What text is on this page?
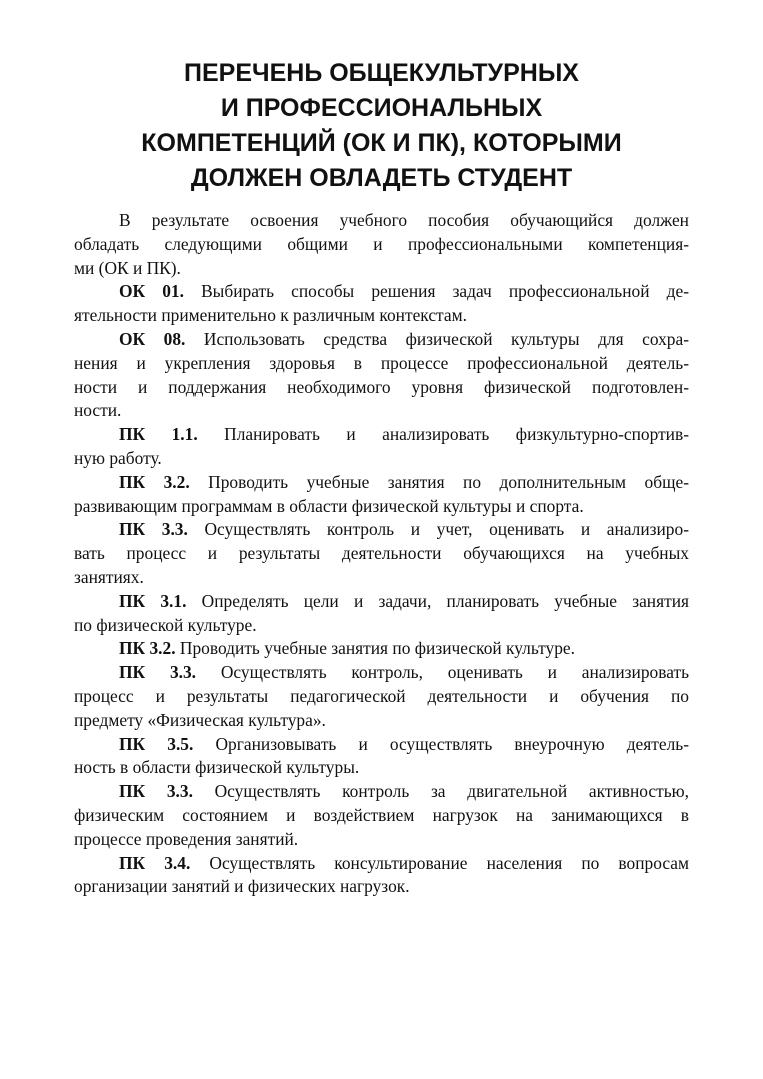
ПЕРЕЧЕНЬ ОБЩЕКУЛЬТУРНЫХ
И ПРОФЕССИОНАЛЬНЫХ
КОМПЕТЕНЦИЙ (ОК И ПК), КОТОРЫМИ
ДОЛЖЕН ОВЛАДЕТЬ СТУДЕНТ
В результате освоения учебного пособия обучающийся должен
обладать следующими общими и профессиональными компетенция-
ми (ОК и ПК).
ОК 01. Выбирать способы решения задач профессиональной де-
ятельности применительно к различным контекстам.
ОК 08. Использовать средства физической культуры для сохра-
нения и укрепления здоровья в процессе профессиональной деятель-
ности и поддержания необходимого уровня физической подготовлен-
ности.
ПК 1.1. Планировать и анализировать физкультурно-спортив-
ную работу.
ПК 3.2. Проводить учебные занятия по дополнительным обще-
развивающим программам в области физической культуры и спорта.
ПК 3.3. Осуществлять контроль и учет, оценивать и анализиро-
вать процесс и результаты деятельности обучающихся на учебных
занятиях.
ПК 3.1. Определять цели и задачи, планировать учебные занятия
по физической культуре.
ПК 3.2. Проводить учебные занятия по физической культуре.
ПК 3.3. Осуществлять контроль, оценивать и анализировать
процесс и результаты педагогической деятельности и обучения по
предмету «Физическая культура».
ПК 3.5. Организовывать и осуществлять внеурочную деятель-
ность в области физической культуры.
ПК 3.3. Осуществлять контроль за двигательной активностью,
физическим состоянием и воздействием нагрузок на занимающихся в
процессе проведения занятий.
ПК 3.4. Осуществлять консультирование населения по вопросам
организации занятий и физических нагрузок.
